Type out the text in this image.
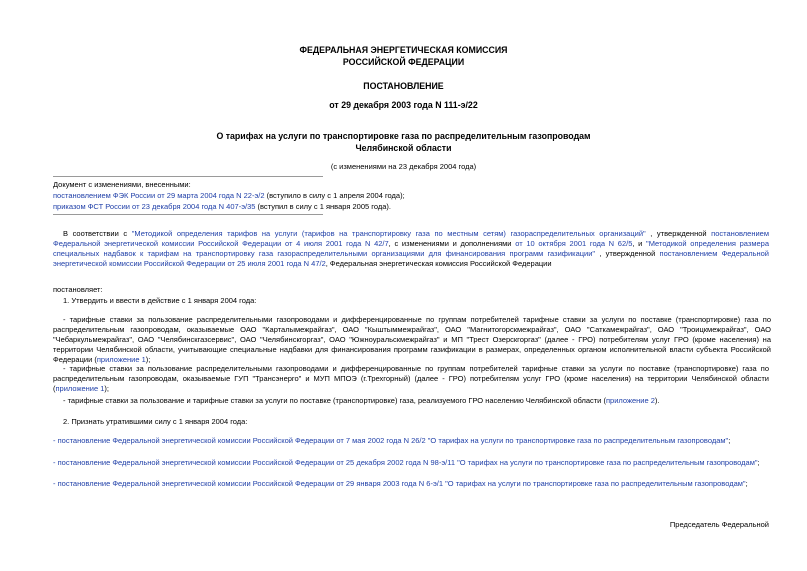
ФЕДЕРАЛЬНАЯ ЭНЕРГЕТИЧЕСКАЯ КОМИССИЯ
РОССИЙСКОЙ ФЕДЕРАЦИИ
ПОСТАНОВЛЕНИЕ
от 29 декабря 2003 года N 111-э/22
О тарифах на услуги по транспортировке газа по распределительным газопроводам
Челябинской области
(с изменениями на 23 декабря 2004 года)

Документ с изменениями, внесенными:

постановлением ФЭК России от 29 марта 2004 года N 22-э/2 (вступило в силу с 1 апреля 2004 года);

приказом ФСТ России от 23 декабря 2004 года N 407-э/35 (вступил в силу с 1 января 2005 года).

В соответствии с "Методикой определения тарифов на услуги (тарифов на транспортировку газа по местным сетям) газораспределительных организаций" , утвержденной постановлением Федеральной энергетической комиссии Российской Федерации от 4 июля 2001 года N 42/7, с изменениями и дополнениями от 10 октября 2001 года N 62/5, и "Методикой определения размера специальных надбавок к тарифам на транспортировку газа газораспределительными организациями для финансирования программ газификации" , утвержденной постановлением Федеральной энергетической комиссии Российской Федерации от 25 июля 2001 года N 47/2, Федеральная энергетическая комиссия Российской Федерации

постановляет:
1. Утвердить и ввести в действие с 1 января 2004 года:

- тарифные ставки за пользование распределительными газопроводами и дифференцированные по группам потребителей тарифные ставки за услуги по поставке (транспортировке) газа по распределительным газопроводам, оказываемые ОАО "Карталымежрайгаз", ОАО "Кыштыммежрайгаз", ОАО "Магнитогорскмежрайгаз", ОАО "Саткамежрайгаз", ОАО "Троицкмежрайгаз", ОАО "Чебаркульмежрайгаз", ОАО "Челябинскгазсервис", ОАО "Челябинскгоргаз", ОАО "Южноуральскмежрайгаз" и МП "Трест Озерскгоргаз" (далее - ГРО) потребителям услуг ГРО (кроме населения) на территории Челябинской области, учитывающие специальные надбавки для финансирования программ газификации в размерах, определенных органом исполнительной власти субъекта Российской Федерации (приложение 1);

- тарифные ставки за пользование распределительными газопроводами и дифференцированные по группам потребителей тарифные ставки за услуги по поставке (транспортировке) газа по распределительным газопроводам, оказываемые ГУП "Трансэнерго" и МУП МПОЭ (г.Трехгорный) (далее - ГРО) потребителям услуг ГРО (кроме населения) на территории Челябинской области (приложение 1);

- тарифные ставки за пользование и тарифные ставки за услуги по поставке (транспортировке) газа, реализуемого ГРО населению Челябинской области (приложение 2).

2. Признать утратившими силу с 1 января 2004 года:
- постановление Федеральной энергетической комиссии Российской Федерации от 7 мая 2002 года N 26/2 "О тарифах на услуги по транспортировке газа по распределительным газопроводам";
- постановление Федеральной энергетической комиссии Российской Федерации от 25 декабря 2002 года N 98-э/11 "О тарифах на услуги по транспортировке газа по распределительным газопроводам";
- постановление Федеральной энергетической комиссии Российской Федерации от 29 января 2003 года N 6-э/1 "О тарифах на услуги по транспортировке газа по распределительным газопроводам";
Председатель Федеральной
